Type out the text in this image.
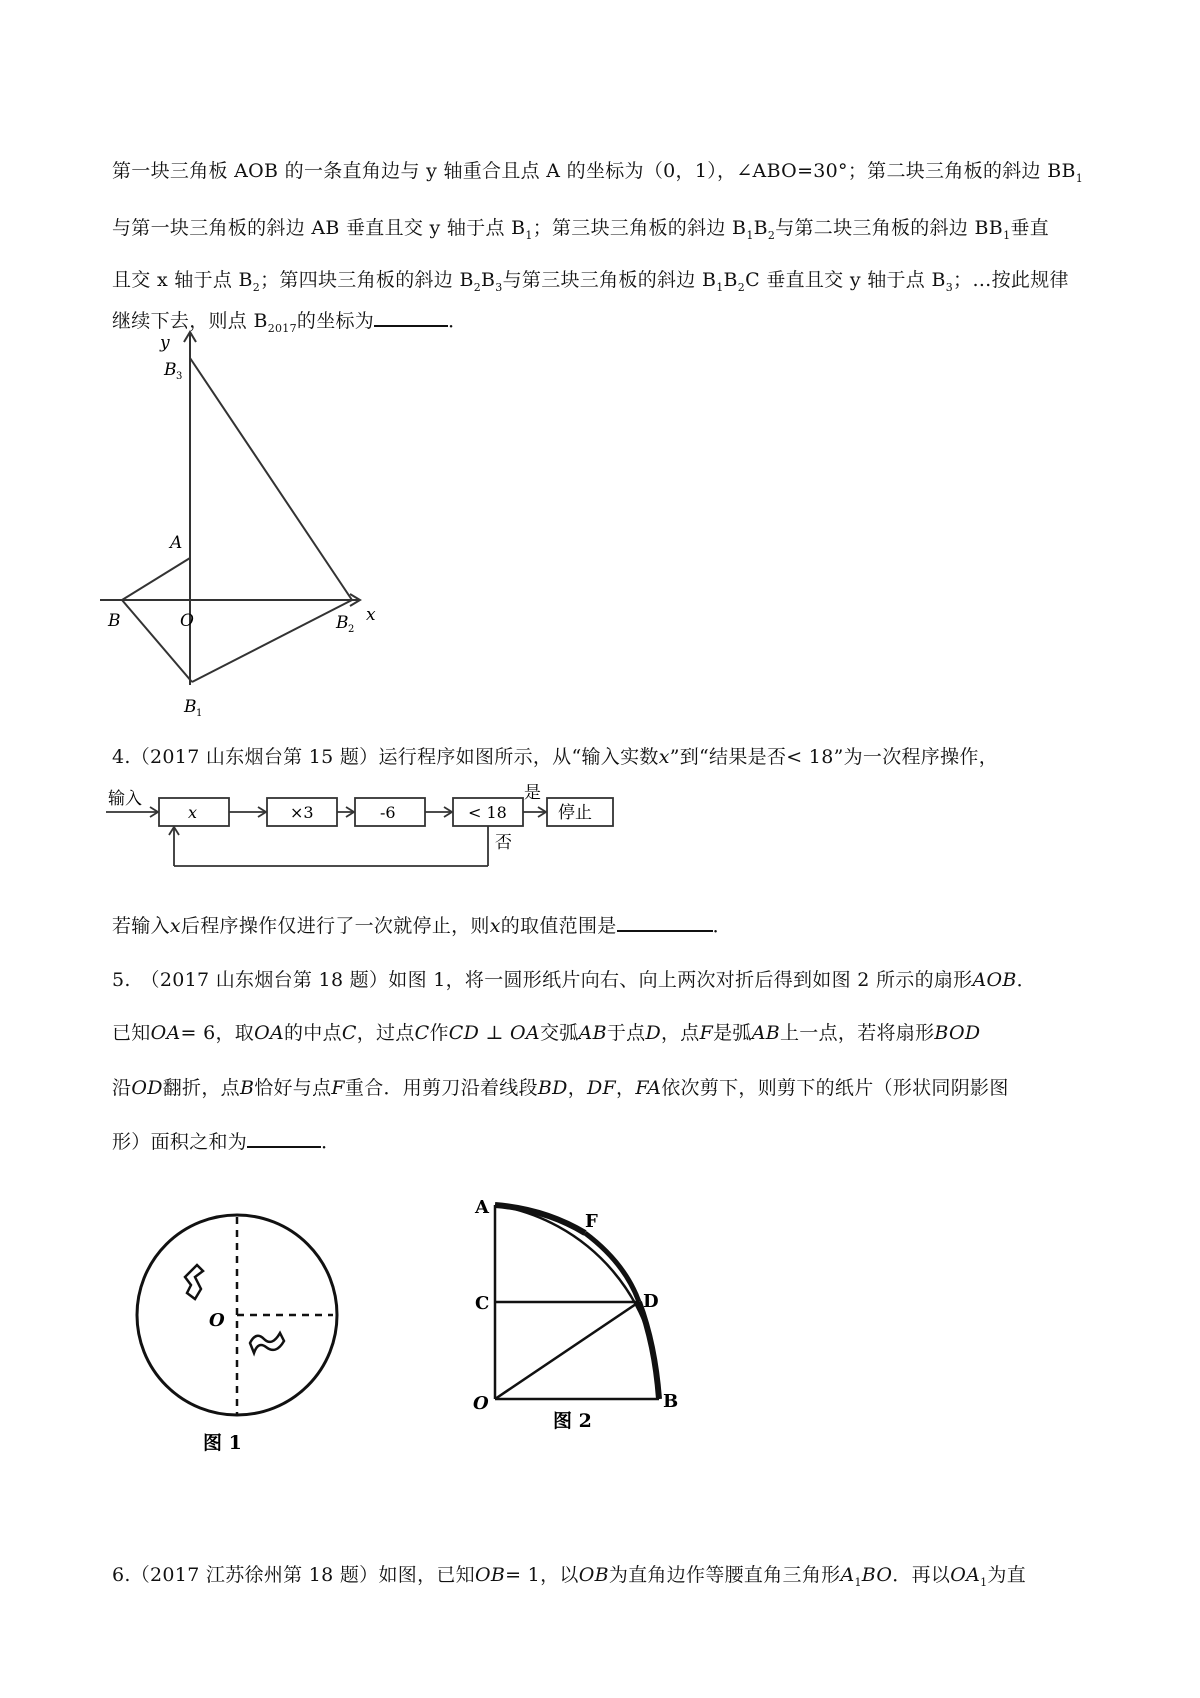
第一块三角板 AOB 的一条直角边与 y 轴重合且点 A 的坐标为（0，1），∠ABO=30°；第二块三角板的斜边 $BB_1$
与第一块三角板的斜边 AB 垂直且交 y 轴于点 $B_1$；第三块三角板的斜边 $B_1B_2$与第二块三角板的斜边 $BB_1$垂直
且交 x 轴于点 $B_2$；第四块三角板的斜边 $B_2B_3$与第三块三角板的斜边 $B_1B_2C$ 垂直且交 y 轴于点 $B_3$；…按此规律
继续下去，则点 $B_{2017}$的坐标为	．
y
B 3
A
B	O	B 2
x
B 1
4.（2017 山东烟台第 15 题）运行程序如图所示，从“输入实数x”到“结果是否< 18”为一次程序操作，
输入
x	×3	-6	< 18
是
停止
否
若输入x后程序操作仅进行了一次就停止，则x的取值范围是	．
5.　（2017 山东烟台第 18 题）如图 1，将一圆形纸片向右、向上两次对折后得到如图 2 所示的扇形AOB．
已知OA= 6，取OA的中点C，过点C作CD ⊥ OA交弧AB于点D，点F是弧AB上一点，若将扇形BOD
沿OD翻折，点B恰好与点F重合．用剪刀沿着线段BD，DF，FA依次剪下，则剪下的纸片（形状同阴影图
形）面积之和为	．
O
图 1
A
F
C	D
O	B
图 2
6.（2017 江苏徐州第 18 题）如图，已知OB= 1，以OB为直角边作等腰直角三角形$A_1BO$．再以$OA_1$为直
